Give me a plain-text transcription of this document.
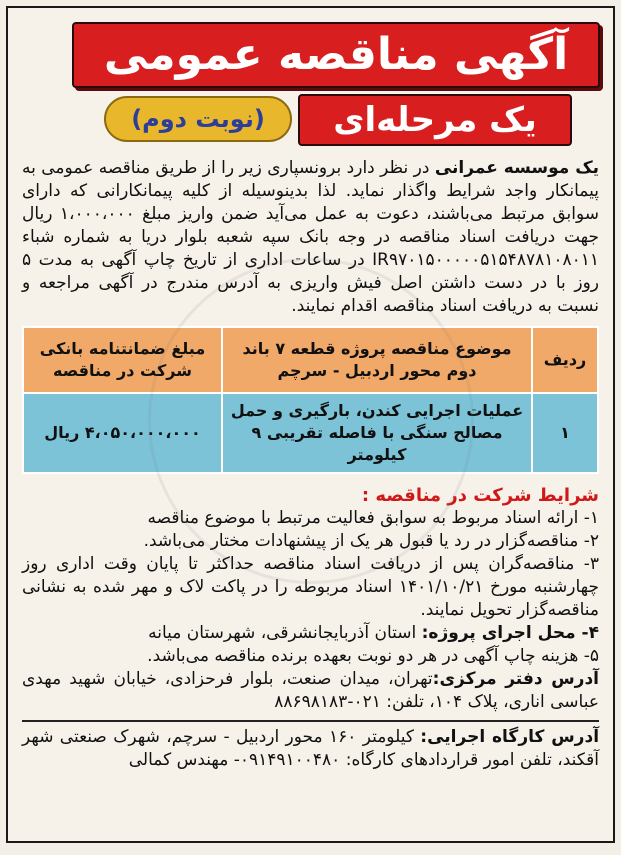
آگهی مناقصه عمومی
(نوبت دوم)	یک مرحله‌ای
یک موسسه عمرانی در نظر دارد برونسپاری زیر را از طریق مناقصه عمومی به پیمانکار واجد شرایط واگذار نماید. لذا بدینوسیله از کلیه پیمانکارانی که دارای سوابق مرتبط می‌باشند، دعوت به عمل می‌آید ضمن واریز مبلغ ۱،۰۰۰،۰۰۰ ریال جهت دریافت اسناد مناقصه در وجه بانک سپه شعبه بلوار دریا به شماره شباء IR۹۷۰۱۵۰۰۰۰۰۵۱۵۴۸۷۸۱۰۸۰۱۱ در ساعات اداری از تاریخ چاپ آگهی به مدت ۵ روز با در دست داشتن اصل فیش واریزی به آدرس مندرج در آگهی مراجعه و نسبت به دریافت اسناد مناقصه اقدام نمایند.
ردیف	موضوع مناقصه پروژه قطعه ۷ باند دوم محور اردبیل - سرچم	مبلغ ضمانتنامه بانکی شرکت در مناقصه
۱	عملیات اجرایی کندن، بارگیری و حمل مصالح سنگی با فاصله تقریبی ۹ کیلومتر	۴،۰۵۰،۰۰۰،۰۰۰ ریال
شرایط شرکت در مناقصه :

۱- ارائه اسناد مربوط به سوابق فعالیت مرتبط با موضوع مناقصه

۲- مناقصه‌گزار در رد یا قبول هر یک از پیشنهادات مختار می‌باشد.

۳- مناقصه‌گران پس از دریافت اسناد مناقصه حداکثر تا پایان وقت اداری روز چهارشنبه مورخ ۱۴۰۱/۱۰/۲۱ اسناد مربوطه را در پاکت لاک و مهر شده به نشانی مناقصه‌گزار تحویل نمایند.

۴- محل اجرای پروژه: استان آذربایجانشرقی، شهرستان میانه

۵- هزینه چاپ آگهی در هر دو نوبت بعهده برنده مناقصه می‌باشد.

آدرس دفتر مرکزی:تهران، میدان صنعت، بلوار فرحزادی، خیابان شهید مهدی عباسی اناری، پلاک ۱۰۴، تلفن: ۰۲۱-۸۸۶۹۸۱۸۳

آدرس کارگاه اجرایی: کیلومتر ۱۶۰ محور اردبیل - سرچم، شهرک صنعتی شهر آقکند، تلفن امور قراردادهای کارگاه: ۰۹۱۴۹۱۰۰۴۸۰- مهندس کمالی
